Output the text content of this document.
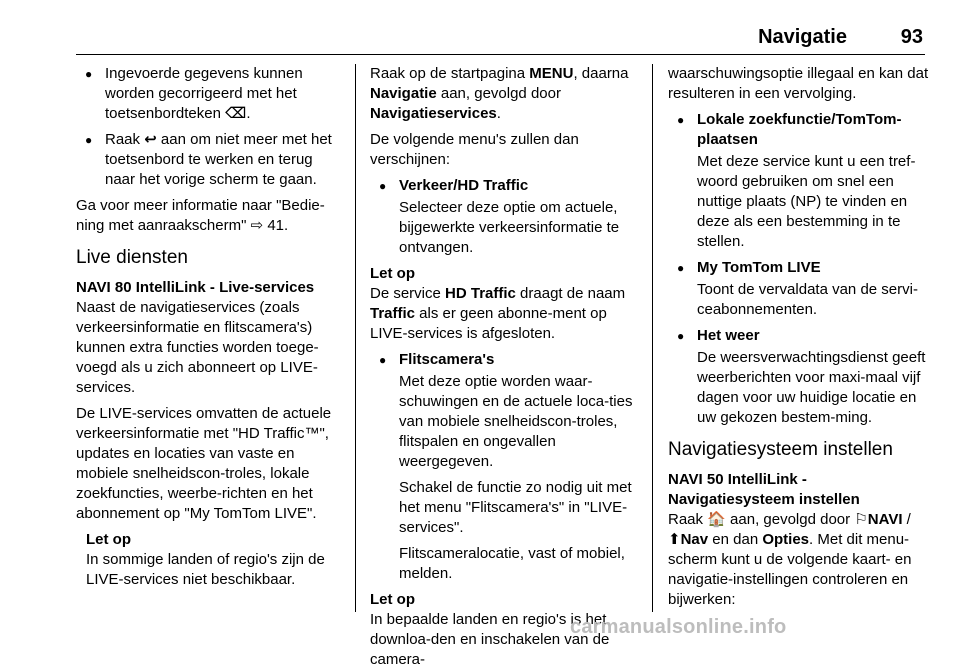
Navigatie	93
● Ingevoerde gegevens kunnen worden gecorrigeerd met het toetsenbordteken ⌫.
● Raak ↩ aan om niet meer met het toetsenbord te werken en terug naar het vorige scherm te gaan.

Ga voor meer informatie naar "Bedie-ning met aanraakscherm" ⇨ 41.

Live diensten
NAVI 80 IntelliLink - Live-services

Naast de navigatieservices (zoals verkeersinformatie en flitscamera's) kunnen extra functies worden toege-voegd als u zich abonneert op LIVE-services.

De LIVE-services omvatten de actuele verkeersinformatie met "HD Traffic™", updates en locaties van vaste en mobiele snelheidscon-troles, lokale zoekfuncties, weerbe-richten en het abonnement op "My TomTom LIVE".

Let op
In sommige landen of regio's zijn de LIVE-services niet beschikbaar.

Raak op de startpagina MENU, daarna Navigatie aan, gevolgd door Navigatieservices.

De volgende menu's zullen dan verschijnen:

● Verkeer/HD Traffic
Selecteer deze optie om actuele, bijgewerkte verkeersinformatie te ontvangen.
Let op
De service HD Traffic draagt de naam Traffic als er geen abonne-ment op LIVE-services is afgesloten.
● Flitscamera's
Met deze optie worden waar-schuwingen en de actuele loca-ties van mobiele snelheidscon-troles, flitspalen en ongevallen weergegeven.
Schakel de functie zo nodig uit met het menu "Flitscamera's" in "LIVE-services".
Flitscameralocatie, vast of mobiel, melden.
Let op
In bepaalde landen en regio's is het downloa-den en inschakelen van de camera-

waarschuwingsoptie illegaal en kan dat resulteren in een vervolging.

● Lokale zoekfunctie/TomTom-plaatsen
Met deze service kunt u een tref-woord gebruiken om snel een nuttige plaats (NP) te vinden en deze als een bestemming in te stellen.
● My TomTom LIVE
Toont de vervaldata van de servi-ceabonnementen.
● Het weer
De weersverwachtingsdienst geeft weerberichten voor maxi-maal vijf dagen voor uw huidige locatie en uw gekozen bestem-ming.
Navigatiesysteem instellen
NAVI 50 IntelliLink - Navigatiesysteem instellen

Raak 🏠 aan, gevolgd door ⚐NAVI / ⬆Nav en dan Opties. Met dit menu-scherm kunt u de volgende kaart- en navigatie-instellingen controleren en bijwerken:

carmanualsonline.info
